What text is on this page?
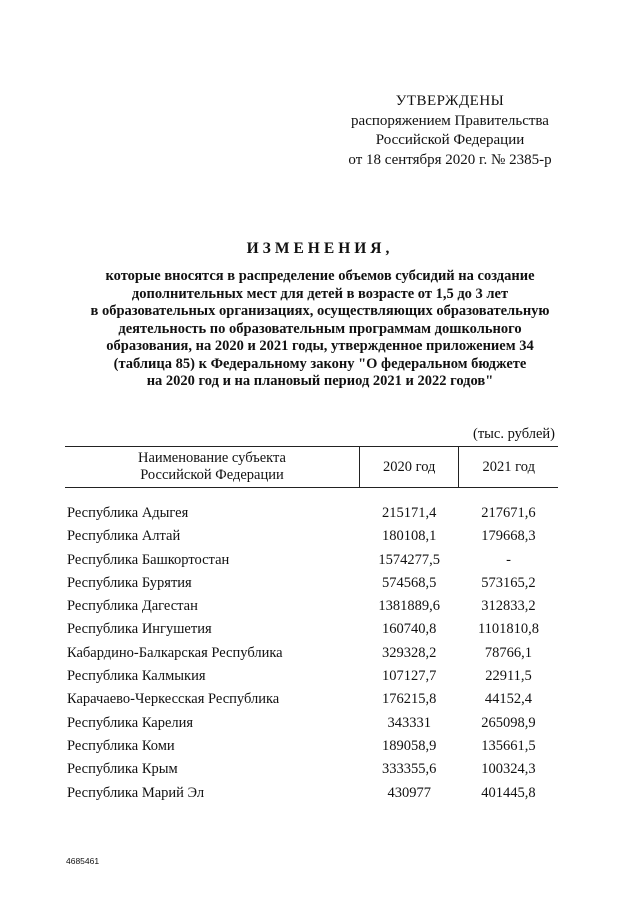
УТВЕРЖДЕНЫ
распоряжением Правительства
Российской Федерации
от 18 сентября 2020 г. № 2385-р
ИЗМЕНЕНИЯ,
которые вносятся в распределение объемов субсидий на создание
дополнительных мест для детей в возрасте от 1,5 до 3 лет
в образовательных организациях, осуществляющих образовательную
деятельность по образовательным программам дошкольного
образования, на 2020 и 2021 годы, утвержденное приложением 34
(таблица 85) к Федеральному закону "О федеральном бюджете
на 2020 год и на плановый период 2021 и 2022 годов"
(тыс. рублей)
Наименование субъекта
Российской Федерации	2020 год	2021 год

Республика Адыгея	215171,4	217671,6
Республика Алтай	180108,1	179668,3
Республика Башкортостан	1574277,5	-
Республика Бурятия	574568,5	573165,2
Республика Дагестан	1381889,6	312833,2
Республика Ингушетия	160740,8	1101810,8
Кабардино-Балкарская Республика	329328,2	78766,1
Республика Калмыкия	107127,7	22911,5
Карачаево-Черкесская Республика	176215,8	44152,4
Республика Карелия	343331	265098,9
Республика Коми	189058,9	135661,5
Республика Крым	333355,6	100324,3
Республика Марий Эл	430977	401445,8
4685461
